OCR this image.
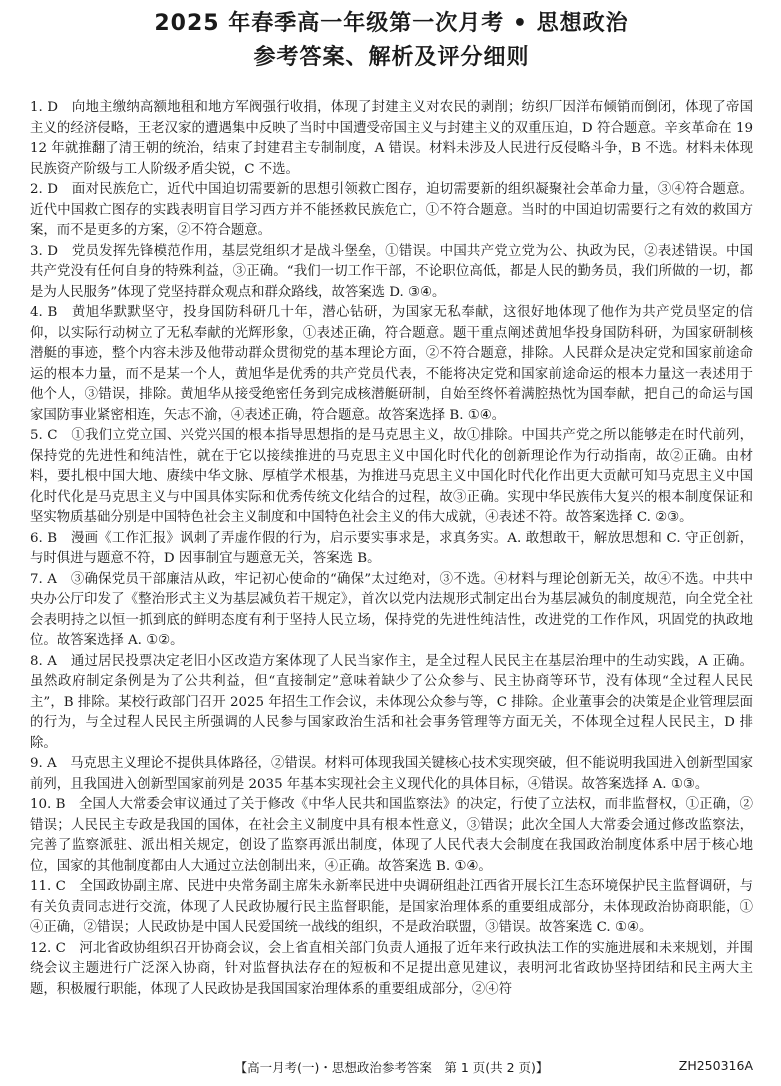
2025 年春季高一年级第一次月考 • 思想政治
参考答案、解析及评分细则

1. D　向地主缴纳高额地租和地方军阀强行收捐，体现了封建主义对农民的剥削；纺织厂因洋布倾销而倒闭，体现了帝国主义的经济侵略，王老汉家的遭遇集中反映了当时中国遭受帝国主义与封建主义的双重压迫，D 符合题意。辛亥革命在 1912 年就推翻了清王朝的统治，结束了封建君主专制制度，A 错误。材料未涉及人民进行反侵略斗争，B 不选。材料未体现民族资产阶级与工人阶级矛盾尖锐，C 不选。

2. D　面对民族危亡，近代中国迫切需要新的思想引领救亡图存，迫切需要新的组织凝聚社会革命力量，③④符合题意。近代中国救亡图存的实践表明盲目学习西方并不能拯救民族危亡，①不符合题意。当时的中国迫切需要行之有效的救国方案，而不是更多的方案，②不符合题意。

3. D　党员发挥先锋模范作用，基层党组织才是战斗堡垒，①错误。中国共产党立党为公、执政为民，②表述错误。中国共产党没有任何自身的特殊利益，③正确。“我们一切工作干部，不论职位高低，都是人民的勤务员，我们所做的一切，都是为人民服务”体现了党坚持群众观点和群众路线，故答案选 D. ③④。

4. B　黄旭华默默坚守，投身国防科研几十年，潜心钻研，为国家无私奉献，这很好地体现了他作为共产党员坚定的信仰，以实际行动树立了无私奉献的光辉形象，①表述正确，符合题意。题干重点阐述黄旭华投身国防科研，为国家研制核潜艇的事迹，整个内容未涉及他带动群众贯彻党的基本理论方面，②不符合题意，排除。人民群众是决定党和国家前途命运的根本力量，而不是某一个人，黄旭华是优秀的共产党员代表，不能将决定党和国家前途命运的根本力量这一表述用于他个人，③错误，排除。黄旭华从接受绝密任务到完成核潜艇研制，自始至终怀着满腔热忱为国奉献，把自己的命运与国家国防事业紧密相连，矢志不渝，④表述正确，符合题意。故答案选择 B. ①④。

5. C　①我们立党立国、兴党兴国的根本指导思想指的是马克思主义，故①排除。中国共产党之所以能够走在时代前列，保持党的先进性和纯洁性，就在于它以接续推进的马克思主义中国化时代化的创新理论作为行动指南，故②正确。由材料，要扎根中国大地、赓续中华文脉、厚植学术根基，为推进马克思主义中国化时代化作出更大贡献可知马克思主义中国化时代化是马克思主义与中国具体实际和优秀传统文化结合的过程，故③正确。实现中华民族伟大复兴的根本制度保证和坚实物质基础分别是中国特色社会主义制度和中国特色社会主义的伟大成就，④表述不符。故答案选择 C. ②③。

6. B　漫画《工作汇报》讽刺了弄虚作假的行为，启示要实事求是，求真务实。A. 敢想敢干，解放思想和 C. 守正创新，与时俱进与题意不符，D 因事制宜与题意无关，答案选 B。

7. A　③确保党员干部廉洁从政，牢记初心使命的“确保”太过绝对，③不选。④材料与理论创新无关，故④不选。中共中央办公厅印发了《整治形式主义为基层减负若干规定》，首次以党内法规形式制定出台为基层减负的制度规范，向全党全社会表明持之以恒一抓到底的鲜明态度有利于坚持人民立场，保持党的先进性纯洁性，改进党的工作作风，巩固党的执政地位。故答案选择 A. ①②。

8. A　通过居民投票决定老旧小区改造方案体现了人民当家作主，是全过程人民民主在基层治理中的生动实践，A 正确。虽然政府制定条例是为了公共利益，但“直接制定”意味着缺少了公众参与、民主协商等环节，没有体现“全过程人民民主”，B 排除。某校行政部门召开 2025 年招生工作会议，未体现公众参与等，C 排除。企业董事会的决策是企业管理层面的行为，与全过程人民民主所强调的人民参与国家政治生活和社会事务管理等方面无关，不体现全过程人民民主，D 排除。

9. A　马克思主义理论不提供具体路径，②错误。材料可体现我国关键核心技术实现突破，但不能说明我国进入创新型国家前列，且我国进入创新型国家前列是 2035 年基本实现社会主义现代化的具体目标，④错误。故答案选择 A. ①③。

10. B　全国人大常委会审议通过了关于修改《中华人民共和国监察法》的决定，行使了立法权，而非监督权，①正确，②错误；人民民主专政是我国的国体，在社会主义制度中具有根本性意义，③错误；此次全国人大常委会通过修改监察法，完善了监察派驻、派出相关规定，创设了监察再派出制度，体现了人民代表大会制度在我国政治制度体系中居于核心地位，国家的其他制度都由人大通过立法创制出来，④正确。故答案选 B. ①④。

11. C　全国政协副主席、民进中央常务副主席朱永新率民进中央调研组赴江西省开展长江生态环境保护民主监督调研，与有关负责同志进行交流，体现了人民政协履行民主监督职能，是国家治理体系的重要组成部分，未体现政治协商职能，①④正确，②错误；人民政协是中国人民爱国统一战线的组织，不是政治联盟，③错误。故答案选 C. ①④。

12. C　河北省政协组织召开协商会议，会上省直相关部门负责人通报了近年来行政执法工作的实施进展和未来规划，并围绕会议主题进行广泛深入协商，针对监督执法存在的短板和不足提出意见建议，表明河北省政协坚持团结和民主两大主题，积极履行职能，体现了人民政协是我国国家治理体系的重要组成部分，②④符

【高一月考(一)・思想政治参考答案　第 1 页(共 2 页)】	ZH250316A
